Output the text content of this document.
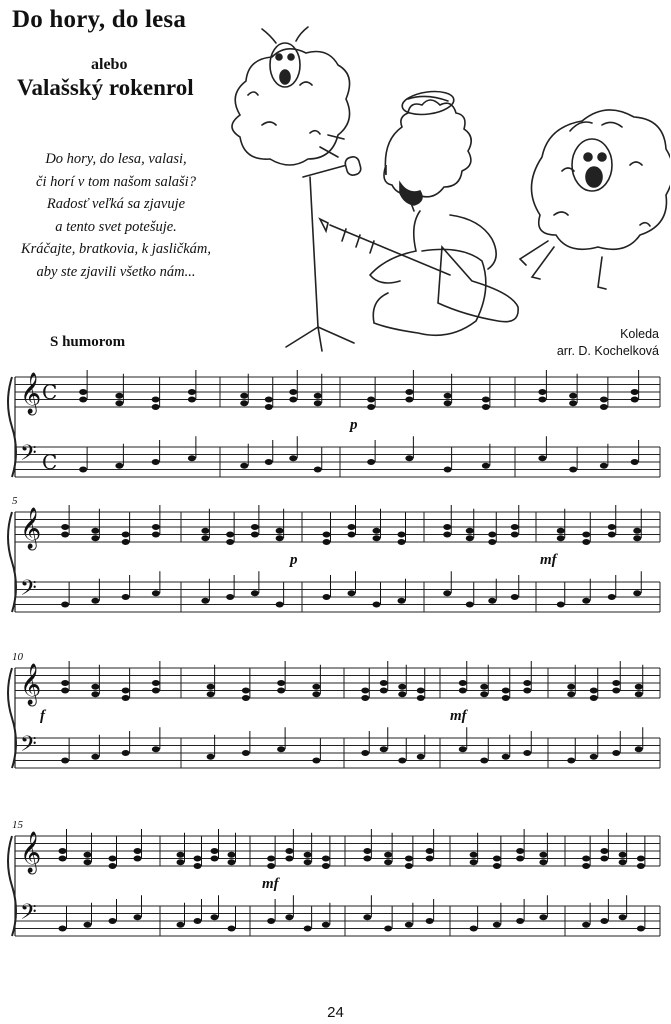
Do hory, do lesa
alebo
Valašský rokenrol
Do hory, do lesa, valasi,
či horí v tom našom salaši?
Radosť veľká sa zjavuje
a tento svet potešuje.
Kráčajte, bratkovia, k jasličkám,
aby ste zjavili všetko nám...
Koleda
arr. D. Kochelková
S humorom
𝄞
𝄢
C
C
p
𝄞
𝄢
5
p	mf
𝄞
𝄢
10
f	mf
𝄞
𝄢
15
mf
24
